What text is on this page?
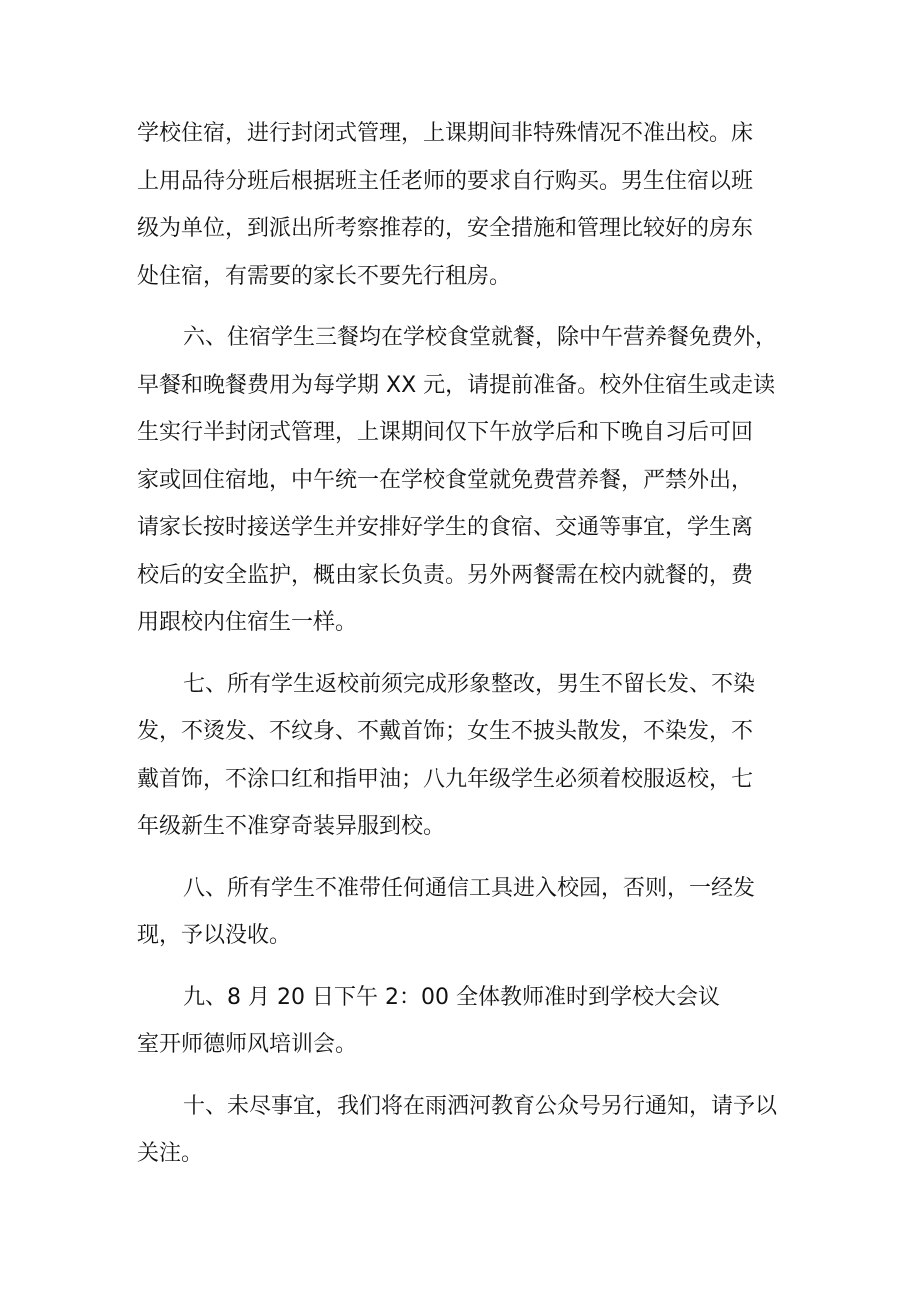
学校住宿，进行封闭式管理，上课期间非特殊情况不准出校。床
上用品待分班后根据班主任老师的要求自行购买。男生住宿以班
级为单位，到派出所考察推荐的，安全措施和管理比较好的房东
处住宿，有需要的家长不要先行租房。

六、住宿学生三餐均在学校食堂就餐，除中午营养餐免费外，
早餐和晚餐费用为每学期 XX 元，请提前准备。校外住宿生或走读
生实行半封闭式管理，上课期间仅下午放学后和下晚自习后可回
家或回住宿地，中午统一在学校食堂就免费营养餐，严禁外出，
请家长按时接送学生并安排好学生的食宿、交通等事宜，学生离
校后的安全监护，概由家长负责。另外两餐需在校内就餐的，费
用跟校内住宿生一样。

七、所有学生返校前须完成形象整改，男生不留长发、不染
发，不烫发、不纹身、不戴首饰；女生不披头散发，不染发，不
戴首饰，不涂口红和指甲油；八九年级学生必须着校服返校，七
年级新生不准穿奇装异服到校。

八、所有学生不准带任何通信工具进入校园，否则，一经发
现，予以没收。

九、8 月 20 日下午 2：00 全体教师准时到学校大会议
室开师德师风培训会。

十、未尽事宜，我们将在雨洒河教育公众号另行通知，请予以
关注。
